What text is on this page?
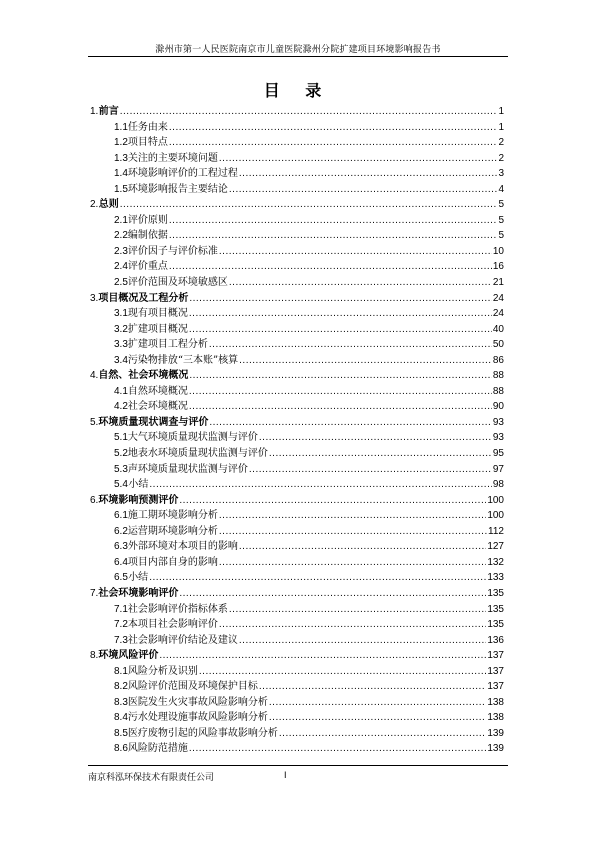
滁州市第一人民医院南京市儿童医院滁州分院扩建项目环境影响报告书
目 录
1. 前言 .....	1
1.1 任务由来 .....	1
1.2 项目特点 .....	2
1.3 关注的主要环境问题 .....	2
1.4 环境影响评价的工程过程 .....	3
1.5 环境影响报告主要结论 .....	4
2. 总则 .....	5
2.1 评价原则 .....	5
2.2 编制依据 .....	5
2.3 评价因子与评价标准 .....	10
2.4 评价重点 .....	16
2.5 评价范围及环境敏感区 .....	21
3. 项目概况及工程分析 .....	24
3.1 现有项目概况 .....	24
3.2 扩建项目概况 .....	40
3.3 扩建项目工程分析 .....	50
3.4 污染物排放“三本账”核算 .....	86
4. 自然、社会环境概况 .....	88
4.1 自然环境概况 .....	88
4.2 社会环境概况 .....	90
5. 环境质量现状调查与评价 .....	93
5.1 大气环境质量现状监测与评价 .....	93
5.2 地表水环境质量现状监测与评价 .....	95
5.3 声环境质量现状监测与评价 .....	97
5.4 小结 .....	98
6. 环境影响预测评价 .....	100
6.1 施工期环境影响分析 .....	100
6.2 运营期环境影响分析 .....	112
6.3 外部环境对本项目的影响 .....	127
6.4 项目内部自身的影响 .....	132
6.5 小结 .....	133
7. 社会环境影响评价 .....	135
7.1 社会影响评价指标体系 .....	135
7.2 本项目社会影响评价 .....	135
7.3 社会影响评价结论及建议 .....	136
8. 环境风险评价 .....	137
8.1 风险分析及识别 .....	137
8.2 风险评价范围及环境保护目标 .....	137
8.3 医院发生火灾事故风险影响分析 .....	138
8.4 污水处理设施事故风险影响分析 .....	138
8.5 医疗废物引起的风险事故影响分析 .....	139
8.6 风险防范措施 .....	139
南京科泓环保技术有限责任公司	I
